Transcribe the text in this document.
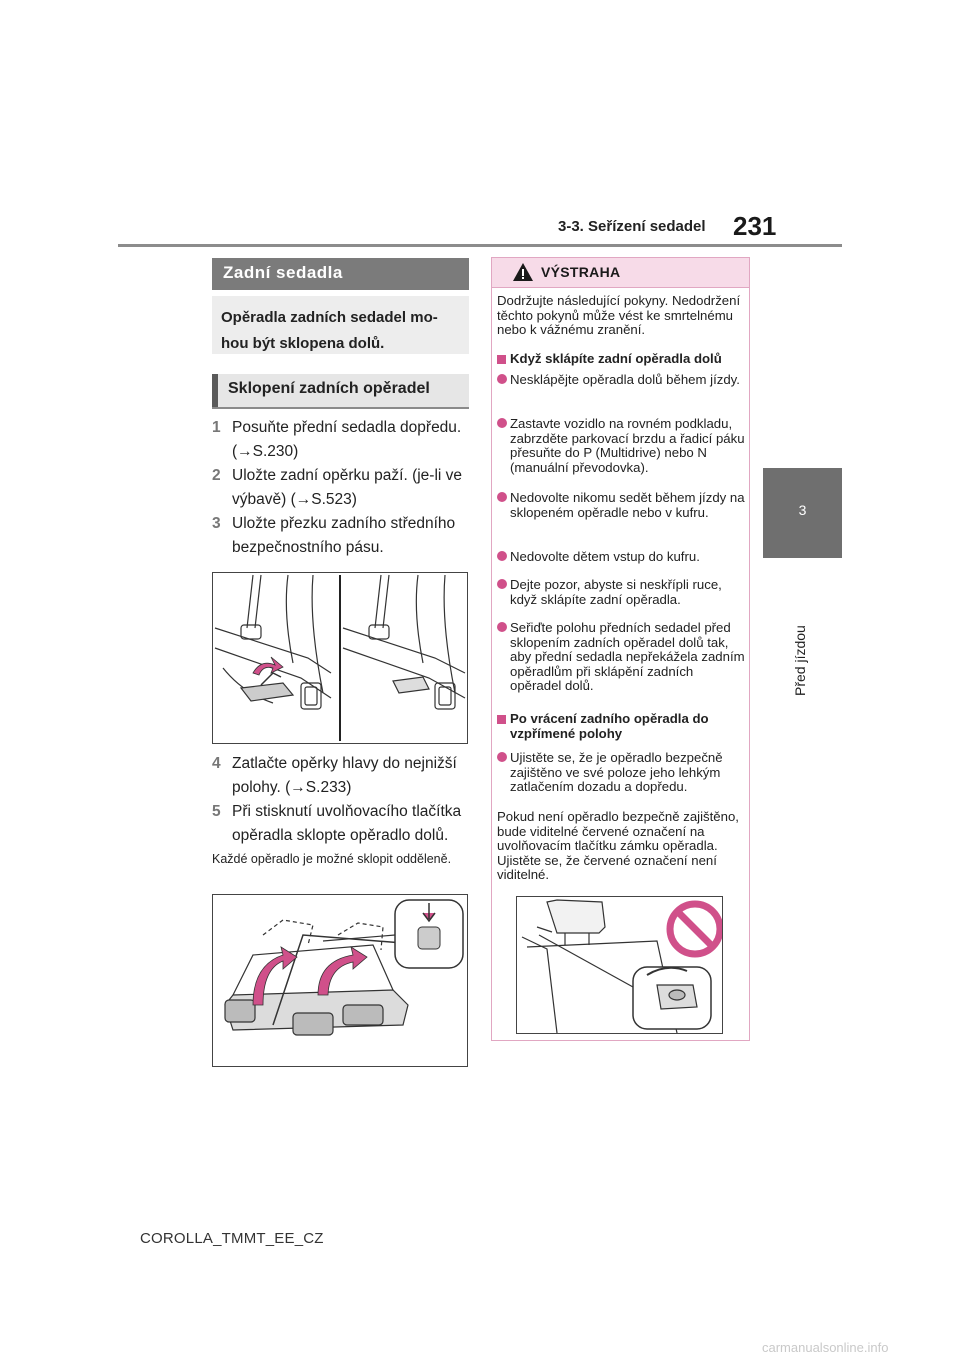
3-3. Seřízení sedadel 231
3
Před jízdou
Zadní sedadla

Opěradla zadních sedadel mo-hou být sklopena dolů.

Sklopení zadních opěradel
1 Posuňte přední sedadla dopředu. (→S.230)
2 Uložte zadní opěrku paží. (je-li ve výbavě) (→S.523)
3 Uložte přezku zadního středního bezpečnostního pásu.
4 Zatlačte opěrky hlavy do nejnižší polohy. (→S.233)
5 Při stisknutí uvolňovacího tlačítka opěradla sklopte opěradlo dolů.
Každé opěradlo je možné sklopit odděleně.
VÝSTRAHA
Dodržujte následující pokyny. Nedodržení těchto pokynů může vést ke smrtelnému nebo k vážnému zranění.
Když sklápíte zadní opěradla dolů
Nesklápějte opěradla dolů během jízdy.
Zastavte vozidlo na rovném podkladu, zabrzděte parkovací brzdu a řadicí páku přesuňte do P (Multidrive) nebo N (manuální převodovka).
Nedovolte nikomu sedět během jízdy na sklopeném opěradle nebo v kufru.
Nedovolte dětem vstup do kufru.
Dejte pozor, abyste si neskřípli ruce, když sklápíte zadní opěradla.
Seřiďte polohu předních sedadel před sklopením zadních opěradel dolů tak, aby přední sedadla nepřekážela zadním opěradlům při sklápění zadních opěradel dolů.
Po vrácení zadního opěradla do vzpřímené polohy
Ujistěte se, že je opěradlo bezpečně zajištěno ve své poloze jeho lehkým zatlačením dozadu a dopředu.
Pokud není opěradlo bezpečně zajištěno, bude viditelné červené označení na uvolňovacím tlačítku zámku opěradla. Ujistěte se, že červené označení není viditelné.
COROLLA_TMMT_EE_CZ
carmanualsonline.info
